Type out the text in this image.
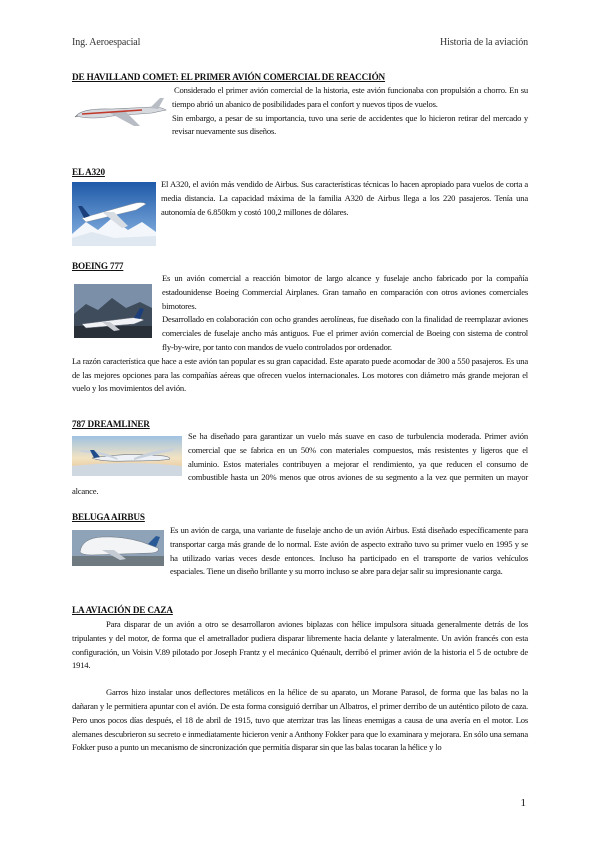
Ing. Aeroespacial	Historia de la aviación
DE HAVILLAND COMET: EL PRIMER AVIÓN COMERCIAL DE REACCIÓN

Considerado el primer avión comercial de la historia, este avión funcionaba con propulsión a chorro. En su tiempo abrió un abanico de posibilidades para el confort y nuevos tipos de vuelos.

Sin embargo, a pesar de su importancia, tuvo una serie de accidentes que lo hicieron retirar del mercado y revisar nuevamente sus diseños.

EL A320

El A320, el avión más vendido de Airbus. Sus características técnicas lo hacen apropiado para vuelos de corta a media distancia. La capacidad máxima de la familia A320 de Airbus llega a los 220 pasajeros. Tenía una autonomía de 6.850km y costó 100,2 millones de dólares.

BOEING 777

Es un avión comercial a reacción bimotor de largo alcance y fuselaje ancho fabricado por la compañía estadounidense Boeing Commercial Airplanes. Gran tamaño en comparación con otros aviones comerciales bimotores.

Desarrollado en colaboración con ocho grandes aerolíneas, fue diseñado con la finalidad de reemplazar aviones comerciales de fuselaje ancho más antiguos. Fue el primer avión comercial de Boeing con sistema de control fly-by-wire, por tanto con mandos de vuelo controlados por ordenador.

La razón característica que hace a este avión tan popular es su gran capacidad. Este aparato puede acomodar de 300 a 550 pasajeros. Es una de las mejores opciones para las compañías aéreas que ofrecen vuelos internacionales. Los motores con diámetro más grande mejoran el vuelo y los movimientos del avión.

787 DREAMLINER

Se ha diseñado para garantizar un vuelo más suave en caso de turbulencia moderada. Primer avión comercial que se fabrica en un 50% con materiales compuestos, más resistentes y ligeros que el aluminio. Estos materiales contribuyen a mejorar el rendimiento, ya que reducen el consumo de combustible hasta un 20% menos que otros aviones de su segmento a la vez que permiten un mayor alcance.

BELUGA AIRBUS

Es un avión de carga, una variante de fuselaje ancho de un avión Airbus. Está diseñado específicamente para transportar carga más grande de lo normal. Este avión de aspecto extraño tuvo su primer vuelo en 1995 y se ha utilizado varias veces desde entonces. Incluso ha participado en el transporte de varios vehículos espaciales. Tiene un diseño brillante y su morro incluso se abre para dejar salir su impresionante carga.

LA AVIACIÓN DE CAZA

Para disparar de un avión a otro se desarrollaron aviones biplazas con hélice impulsora situada generalmente detrás de los tripulantes y del motor, de forma que el ametrallador pudiera disparar libremente hacia delante y lateralmente. Un avión francés con esta configuración, un Voisin V.89 pilotado por Joseph Frantz y el mecánico Quénault, derribó el primer avión de la historia el 5 de octubre de 1914.

Garros hizo instalar unos deflectores metálicos en la hélice de su aparato, un Morane Parasol, de forma que las balas no la dañaran y le permitiera apuntar con el avión. De esta forma consiguió derribar un Albatros, el primer derribo de un auténtico piloto de caza. Pero unos pocos días después, el 18 de abril de 1915, tuvo que aterrizar tras las líneas enemigas a causa de una avería en el motor. Los alemanes descubrieron su secreto e inmediatamente hicieron venir a Anthony Fokker para que lo examinara y mejorara. En sólo una semana Fokker puso a punto un mecanismo de sincronización que permitía disparar sin que las balas tocaran la hélice y lo

1
